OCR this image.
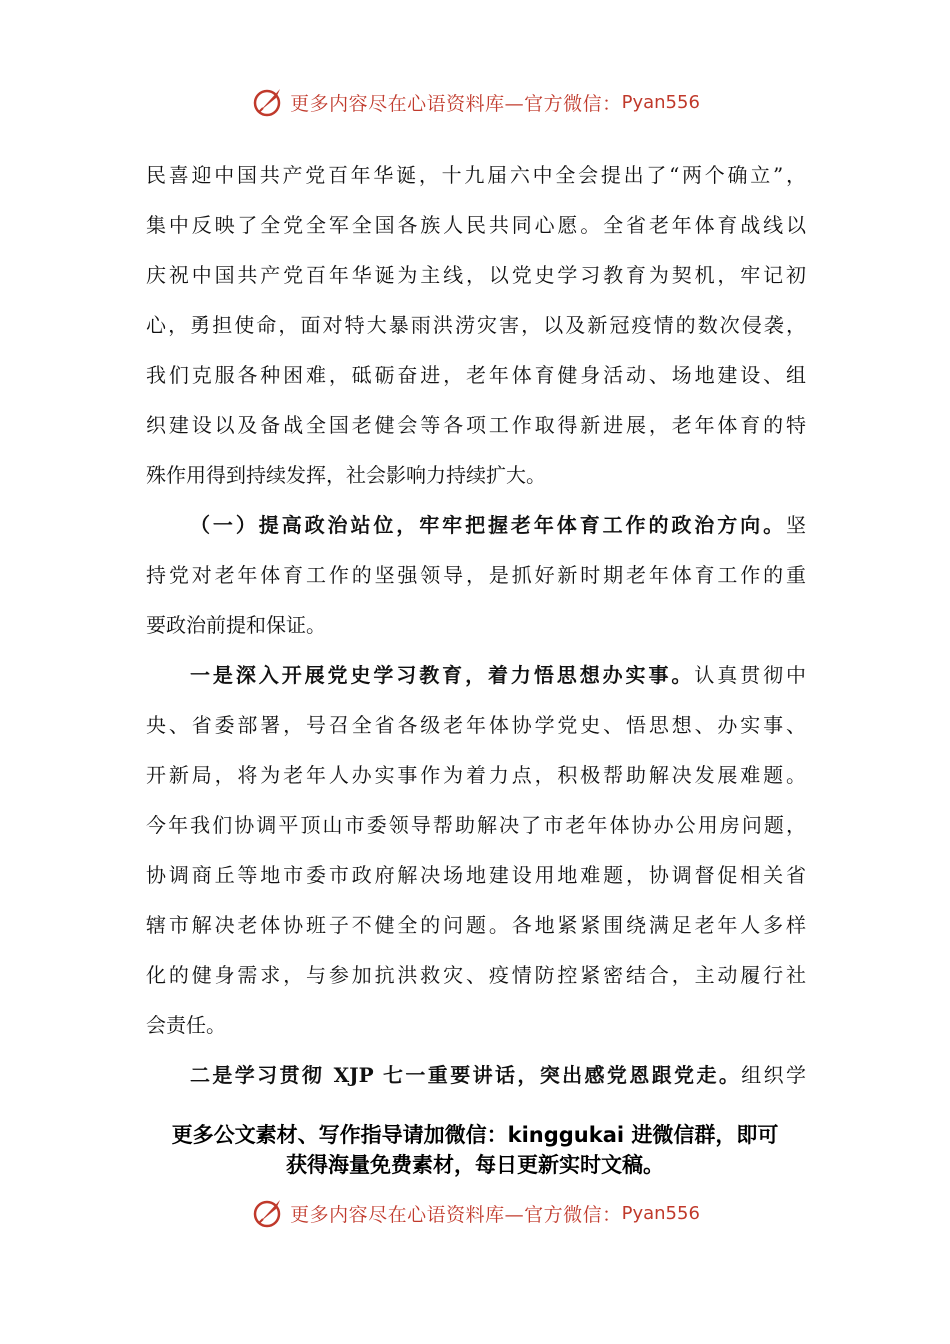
更多内容尽在心语资料库—官方微信： Pyan556
民喜迎中国共产党百年华诞，十九届六中全会提出了“两个确立”，
集中反映了全党全军全国各族人民共同心愿。全省老年体育战线以
庆祝中国共产党百年华诞为主线，以党史学习教育为契机，牢记初
心，勇担使命，面对特大暴雨洪涝灾害，以及新冠疫情的数次侵袭，
我们克服各种困难，砥砺奋进，老年体育健身活动、场地建设、组
织建设以及备战全国老健会等各项工作取得新进展，老年体育的特
殊作用得到持续发挥，社会影响力持续扩大。
（一）提高政治站位，牢牢把握老年体育工作的政治方向。坚
持党对老年体育工作的坚强领导，是抓好新时期老年体育工作的重
要政治前提和保证。
一是深入开展党史学习教育，着力悟思想办实事。认真贯彻中
央、省委部署，号召全省各级老年体协学党史、悟思想、办实事、
开新局，将为老年人办实事作为着力点，积极帮助解决发展难题。
今年我们协调平顶山市委领导帮助解决了市老年体协办公用房问题，
协调商丘等地市委市政府解决场地建设用地难题，协调督促相关省
辖市解决老体协班子不健全的问题。各地紧紧围绕满足老年人多样
化的健身需求，与参加抗洪救灾、疫情防控紧密结合，主动履行社
会责任。
二是学习贯彻 XJP 七一重要讲话，突出感党恩跟党走。组织学
更多公文素材、写作指导请加微信：kinggukai 进微信群，即可
获得海量免费素材，每日更新实时文稿。
更多内容尽在心语资料库—官方微信： Pyan556
